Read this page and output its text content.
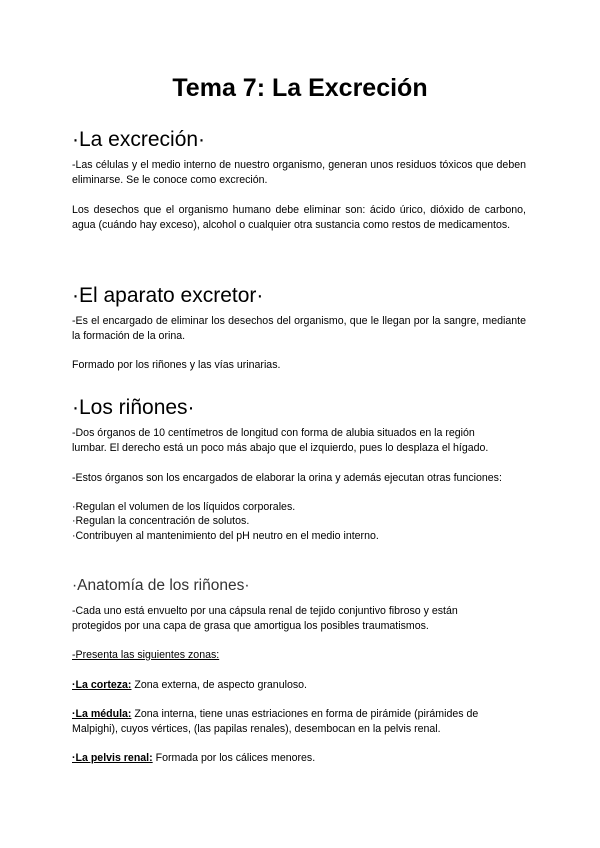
Tema 7: La Excreción
·La excreción·

-Las células y el medio interno de nuestro organismo, generan unos residuos tóxicos que deben eliminarse. Se le conoce como excreción.

Los desechos que el organismo humano debe eliminar son: ácido úrico, dióxido de carbono, agua (cuándo hay exceso), alcohol o cualquier otra sustancia como restos de medicamentos.

·El aparato excretor·

-Es el encargado de eliminar los desechos del organismo, que le llegan por la sangre, mediante la formación de la orina.

Formado por los riñones y las vías urinarias.

·Los riñones·

-Dos órganos de 10 centímetros de longitud con forma de alubia situados en la región

lumbar. El derecho está un poco más abajo que el izquierdo, pues lo desplaza el hígado.

-Estos órganos son los encargados de elaborar la orina y además ejecutan otras funciones:

·Regulan el volumen de los líquidos corporales.

·Regulan la concentración de solutos.

·Contribuyen al mantenimiento del pH neutro en el medio interno.

·Anatomía de los riñones·

-Cada uno está envuelto por una cápsula renal de tejido conjuntivo fibroso y están

protegidos por una capa de grasa que amortigua los posibles traumatismos.

-Presenta las siguientes zonas:

·La corteza: Zona externa, de aspecto granuloso.

·La médula: Zona interna, tiene unas estriaciones en forma de pirámide (pirámides de

Malpighi), cuyos vértices, (las papilas renales), desembocan en la pelvis renal.

·La pelvis renal: Formada por los cálices menores.
